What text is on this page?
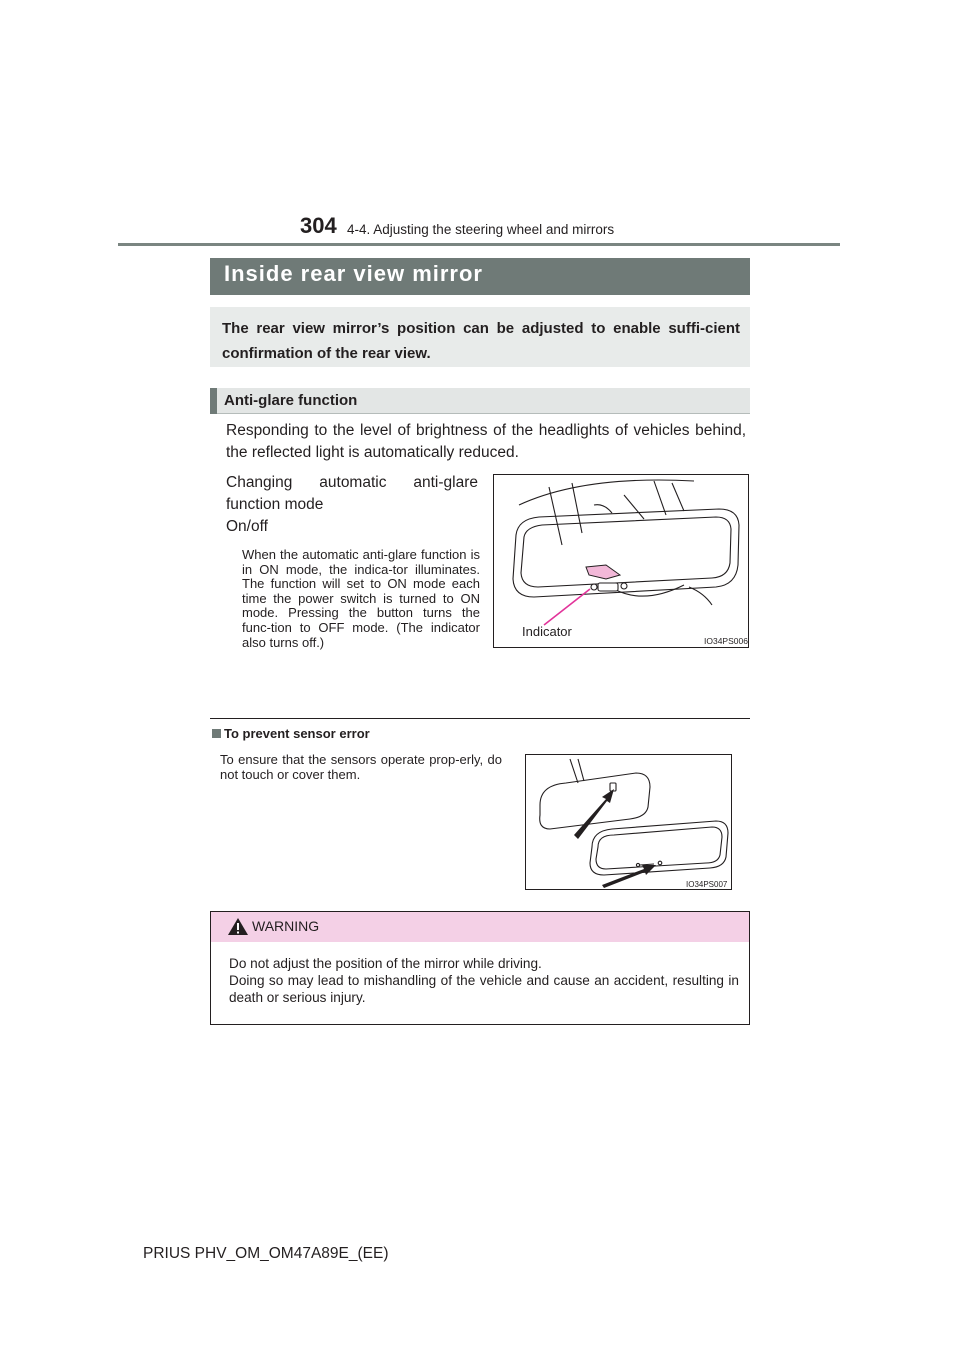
304 4-4. Adjusting the steering wheel and mirrors
Inside rear view mirror
The rear view mirror’s position can be adjusted to enable suffi-cient confirmation of the rear view.
Anti-glare function
Responding to the level of brightness of the headlights of vehicles behind, the reflected light is automatically reduced.
Changing automatic anti-glare function mode
On/off
When the automatic anti-glare function is in ON mode, the indica-tor illuminates. The function will set to ON mode each time the power switch is turned to ON mode. Pressing the button turns the func-tion to OFF mode. (The indicator also turns off.)
Indicator
IO34PS006
To prevent sensor error
To ensure that the sensors operate prop-erly, do not touch or cover them.
IO34PS007
WARNING
Do not adjust the position of the mirror while driving.
Doing so may lead to mishandling of the vehicle and cause an accident, resulting in death or serious injury.
PRIUS PHV_OM_OM47A89E_(EE)
